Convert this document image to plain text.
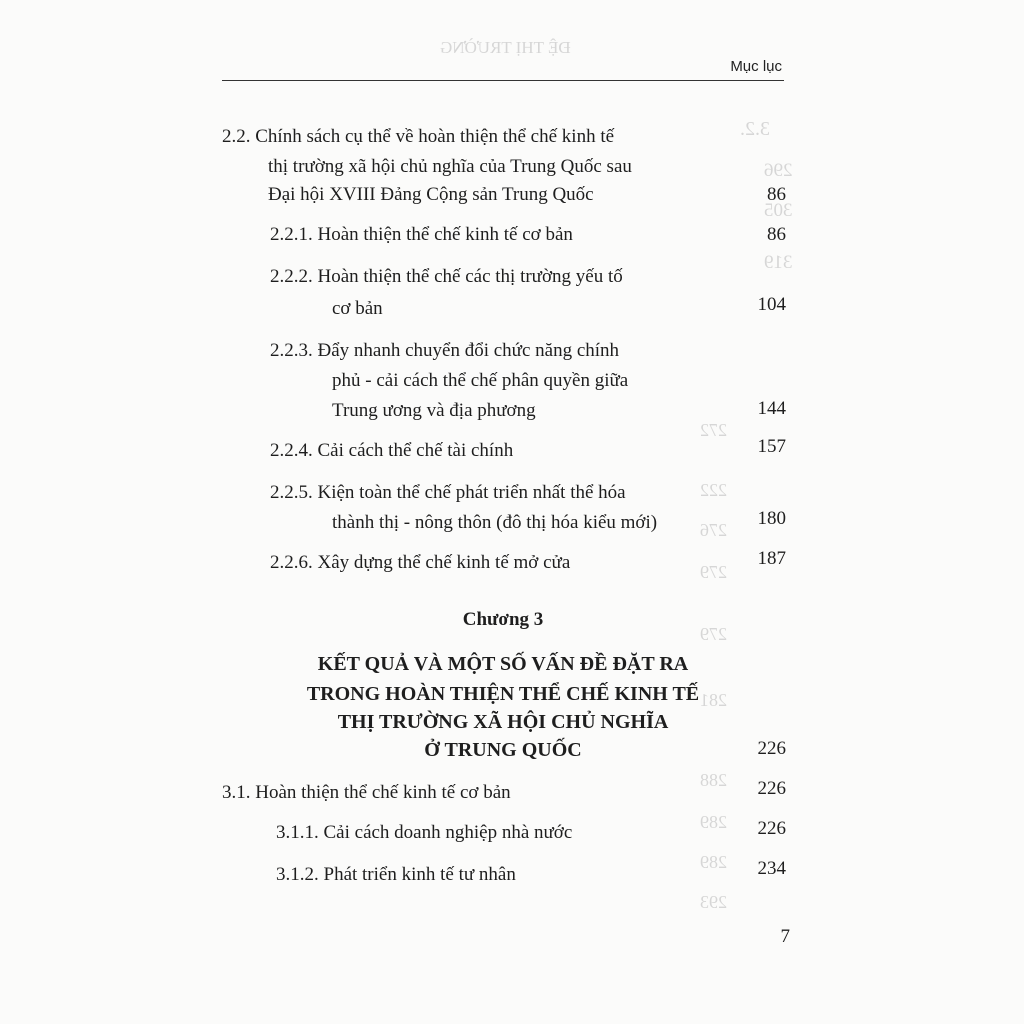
ĐỆ THỊ TRƯỜNG
3.2.
296
305
319
272
222
276
279
279
281
288
289
289
293
Mục lục
2.2. Chính sách cụ thể về hoàn thiện thể chế kinh tế
thị trường xã hội chủ nghĩa của Trung Quốc sau
Đại hội XVIII Đảng Cộng sản Trung Quốc	86
2.2.1. Hoàn thiện thể chế kinh tế cơ bản	86
2.2.2. Hoàn thiện thể chế các thị trường yếu tố
cơ bản	104
2.2.3. Đẩy nhanh chuyển đổi chức năng chính
phủ - cải cách thể chế phân quyền giữa
Trung ương và địa phương	144
2.2.4. Cải cách thể chế tài chính	157
2.2.5. Kiện toàn thể chế phát triển nhất thể hóa
thành thị - nông thôn (đô thị hóa kiểu mới)	180
2.2.6. Xây dựng thể chế kinh tế mở cửa	187
Chương 3
KẾT QUẢ VÀ MỘT SỐ VẤN ĐỀ ĐẶT RA
TRONG HOÀN THIỆN THỂ CHẾ KINH TẾ
THỊ TRƯỜNG XÃ HỘI CHỦ NGHĨA
Ở TRUNG QUỐC	226
3.1. Hoàn thiện thể chế kinh tế cơ bản	226
3.1.1. Cải cách doanh nghiệp nhà nước	226
3.1.2. Phát triển kinh tế tư nhân	234
7
